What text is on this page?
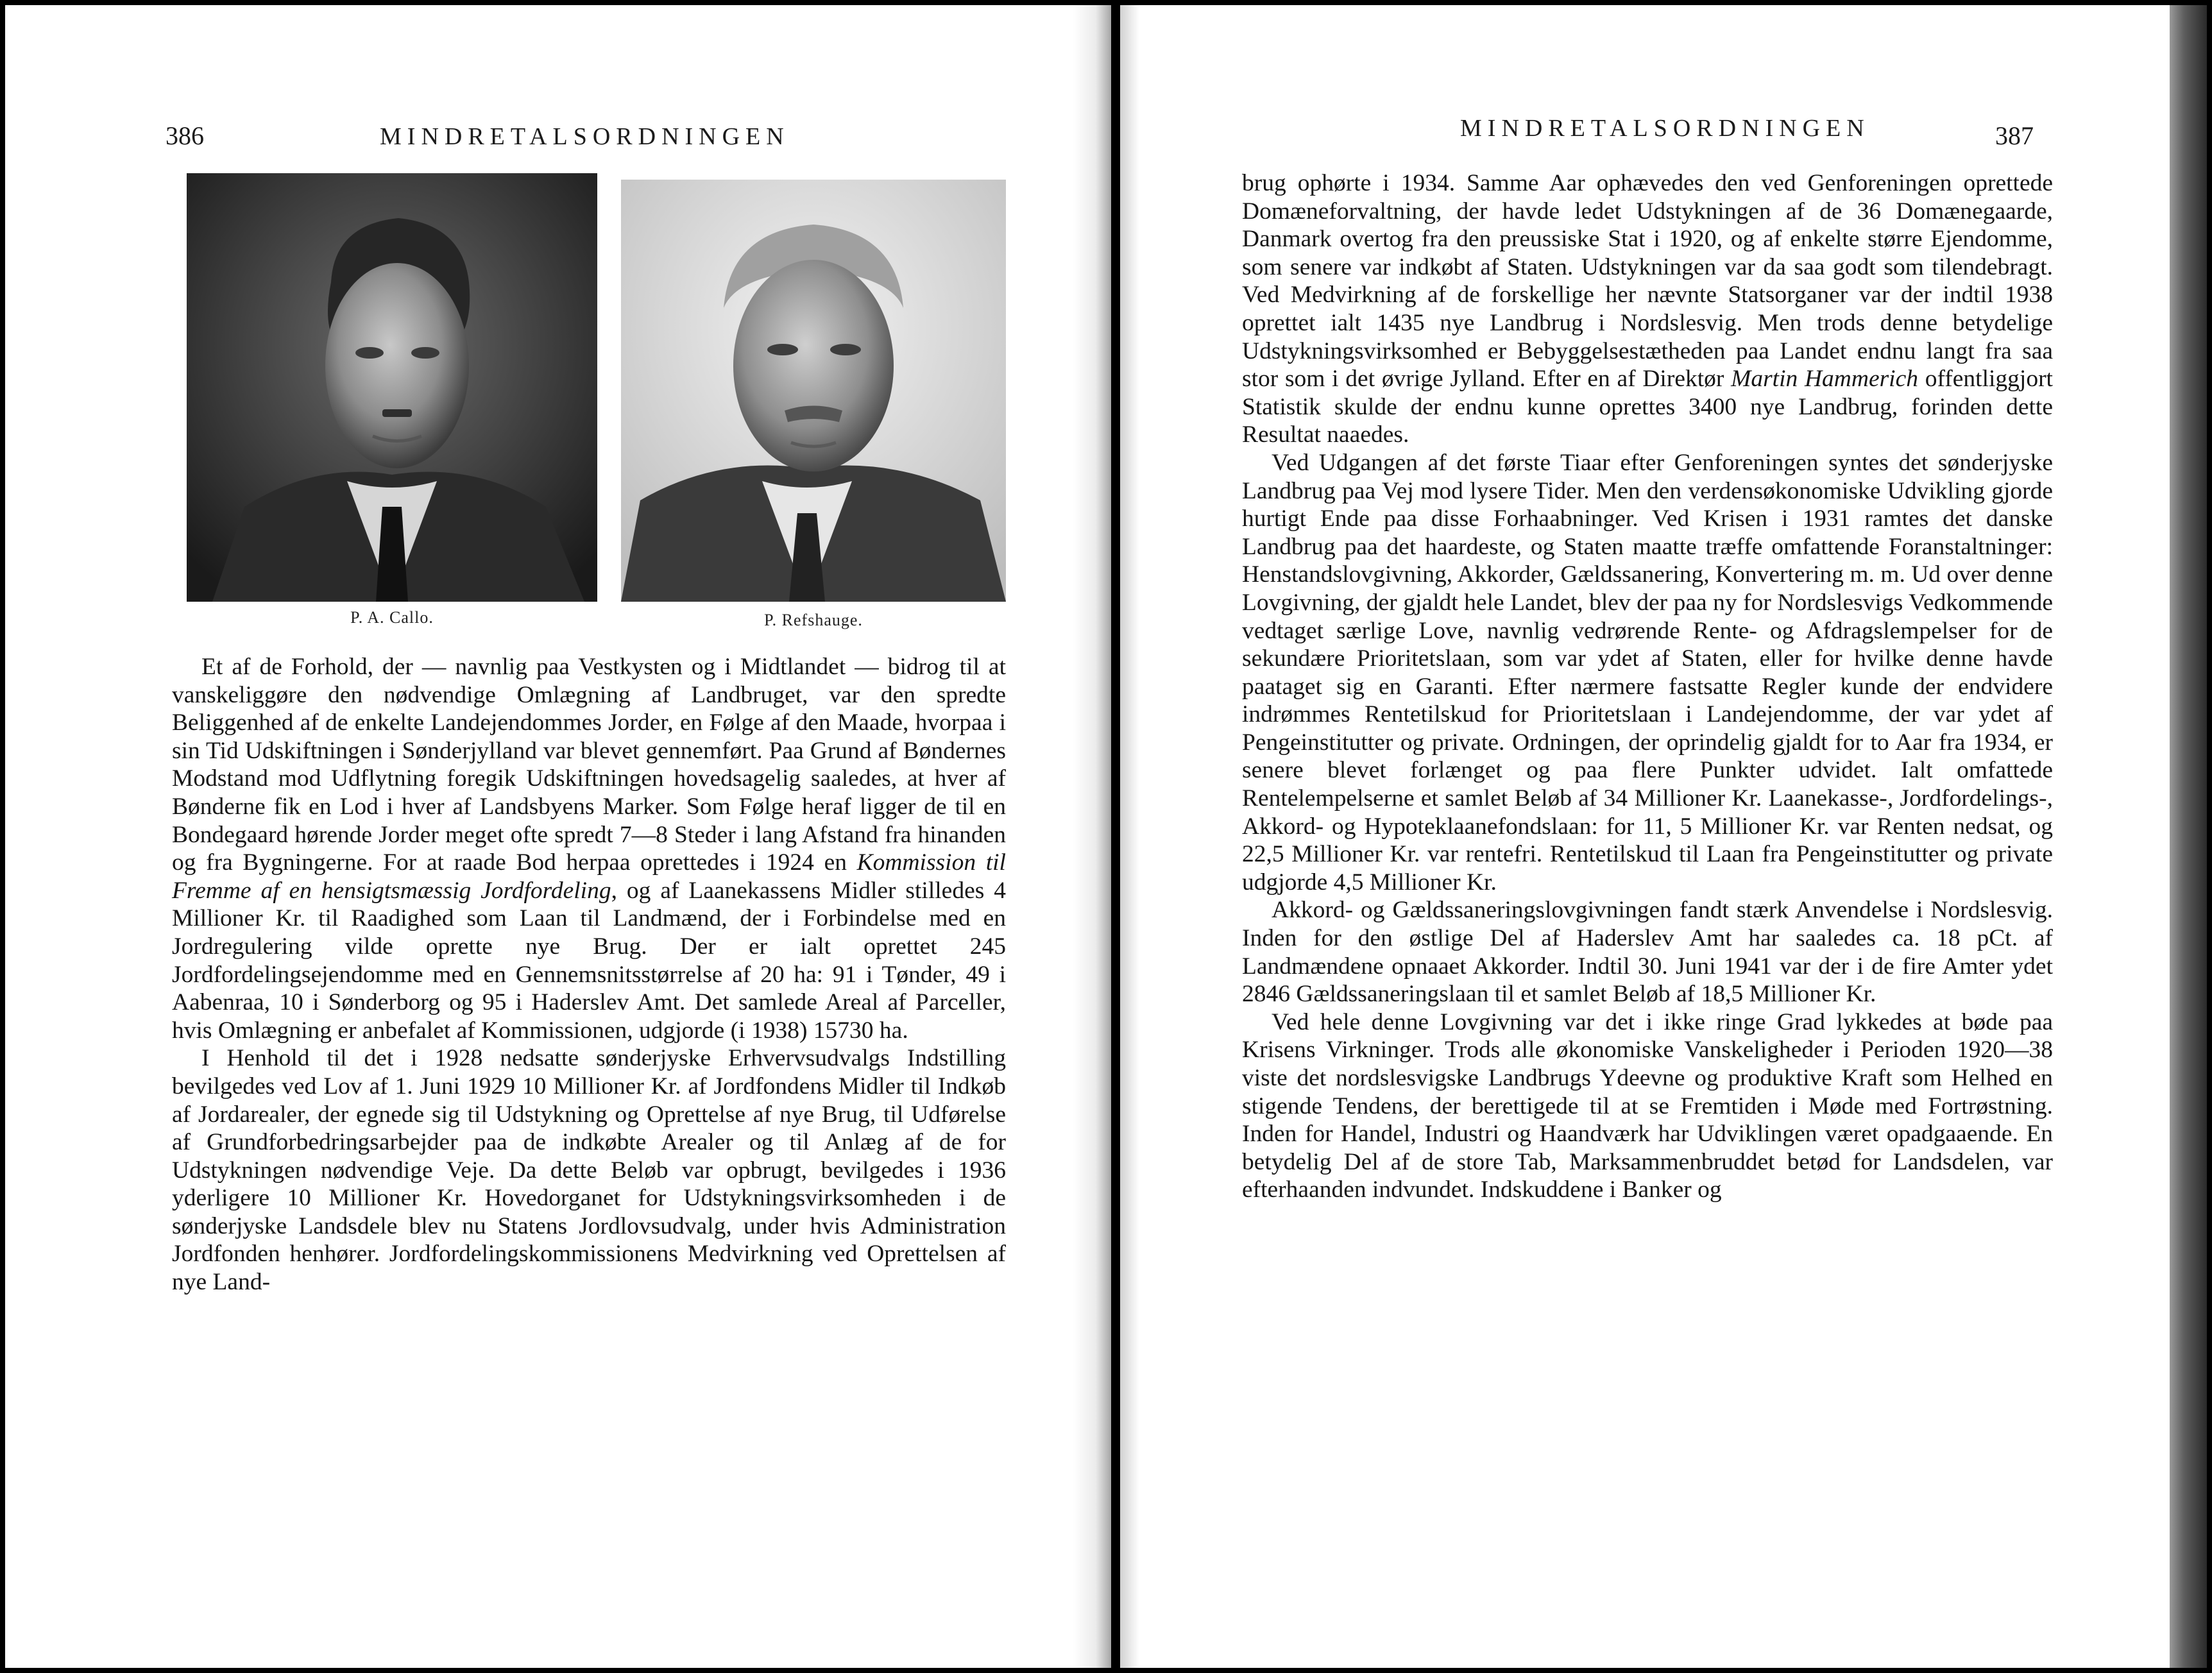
386	MINDRETALSORDNINGEN
P. A. Callo.	P. Refshauge.

Et af de Forhold, der — navnlig paa Vestkysten og i Midtlandet — bidrog til at vanskeliggøre den nødvendige Omlægning af Landbruget, var den spredte Beliggenhed af de enkelte Landejendommes Jorder, en Følge af den Maade, hvorpaa i sin Tid Udskiftningen i Sønderjylland var blevet gennemført. Paa Grund af Bøndernes Modstand mod Udflytning foregik Udskiftningen hovedsagelig saaledes, at hver af Bønderne fik en Lod i hver af Landsbyens Marker. Som Følge heraf ligger de til en Bondegaard hørende Jorder meget ofte spredt 7—8 Steder i lang Afstand fra hinanden og fra Bygningerne. For at raade Bod herpaa oprettedes i 1924 en Kommission til Fremme af en hensigtsmæssig Jordfordeling, og af Laanekassens Midler stilledes 4 Millioner Kr. til Raadighed som Laan til Landmænd, der i Forbindelse med en Jordregulering vilde oprette nye Brug. Der er ialt oprettet 245 Jordfordelingsejendomme med en Gennemsnitsstørrelse af 20 ha: 91 i Tønder, 49 i Aabenraa, 10 i Sønderborg og 95 i Haderslev Amt. Det samlede Areal af Parceller, hvis Omlægning er anbefalet af Kommissionen, udgjorde (i 1938) 15730 ha.

I Henhold til det i 1928 nedsatte sønderjyske Erhvervsudvalgs Indstilling bevilgedes ved Lov af 1. Juni 1929 10 Millioner Kr. af Jordfondens Midler til Indkøb af Jordarealer, der egnede sig til Udstykning og Oprettelse af nye Brug, til Udførelse af Grundforbedringsarbejder paa de indkøbte Arealer og til Anlæg af de for Udstykningen nødvendige Veje. Da dette Beløb var opbrugt, bevilgedes i 1936 yderligere 10 Millioner Kr. Hovedorganet for Udstykningsvirksomheden i de sønderjyske Landsdele blev nu Statens Jordlovsudvalg, under hvis Administration Jordfonden henhører. Jordfordelingskommissionens Medvirkning ved Oprettelsen af nye Land-

MINDRETALSORDNINGEN	387

brug ophørte i 1934. Samme Aar ophævedes den ved Genforeningen oprettede Domæneforvaltning, der havde ledet Udstykningen af de 36 Domænegaarde, Danmark overtog fra den preussiske Stat i 1920, og af enkelte større Ejendomme, som senere var indkøbt af Staten. Udstykningen var da saa godt som tilendebragt. Ved Medvirkning af de forskellige her nævnte Statsorganer var der indtil 1938 oprettet ialt 1435 nye Landbrug i Nordslesvig. Men trods denne betydelige Udstykningsvirksomhed er Bebyggelsestætheden paa Landet endnu langt fra saa stor som i det øvrige Jylland. Efter en af Direktør Martin Hammerich offentliggjort Statistik skulde der endnu kunne oprettes 3400 nye Landbrug, forinden dette Resultat naaedes.

Ved Udgangen af det første Tiaar efter Genforeningen syntes det sønderjyske Landbrug paa Vej mod lysere Tider. Men den verdensøkonomiske Udvikling gjorde hurtigt Ende paa disse Forhaabninger. Ved Krisen i 1931 ramtes det danske Landbrug paa det haardeste, og Staten maatte træffe omfattende Foranstaltninger: Henstandslovgivning, Akkorder, Gældssanering, Konvertering m. m. Ud over denne Lovgivning, der gjaldt hele Landet, blev der paa ny for Nordslesvigs Vedkommende vedtaget særlige Love, navnlig vedrørende Rente- og Afdragslempelser for de sekundære Prioritetslaan, som var ydet af Staten, eller for hvilke denne havde paataget sig en Garanti. Efter nærmere fastsatte Regler kunde der endvidere indrømmes Rentetilskud for Prioritetslaan i Landejendomme, der var ydet af Pengeinstitutter og private. Ordningen, der oprindelig gjaldt for to Aar fra 1934, er senere blevet forlænget og paa flere Punkter udvidet. Ialt omfattede Rentelempelserne et samlet Beløb af 34 Millioner Kr. Laanekasse-, Jordfordelings-, Akkord- og Hypoteklaanefondslaan: for 11, 5 Millioner Kr. var Renten nedsat, og 22,5 Millioner Kr. var rentefri. Rentetilskud til Laan fra Pengeinstitutter og private udgjorde 4,5 Millioner Kr.

Akkord- og Gældssaneringslovgivningen fandt stærk Anvendelse i Nordslesvig. Inden for den østlige Del af Haderslev Amt har saaledes ca. 18 pCt. af Landmændene opnaaet Akkorder. Indtil 30. Juni 1941 var der i de fire Amter ydet 2846 Gældssaneringslaan til et samlet Beløb af 18,5 Millioner Kr.

Ved hele denne Lovgivning var det i ikke ringe Grad lykkedes at bøde paa Krisens Virkninger. Trods alle økonomiske Vanskeligheder i Perioden 1920—38 viste det nordslesvigske Landbrugs Ydeevne og produktive Kraft som Helhed en stigende Tendens, der berettigede til at se Fremtiden i Møde med Fortrøstning. Inden for Handel, Industri og Haandværk har Udviklingen været opadgaaende. En betydelig Del af de store Tab, Marksammenbruddet betød for Landsdelen, var efterhaanden indvundet. Indskuddene i Banker og
